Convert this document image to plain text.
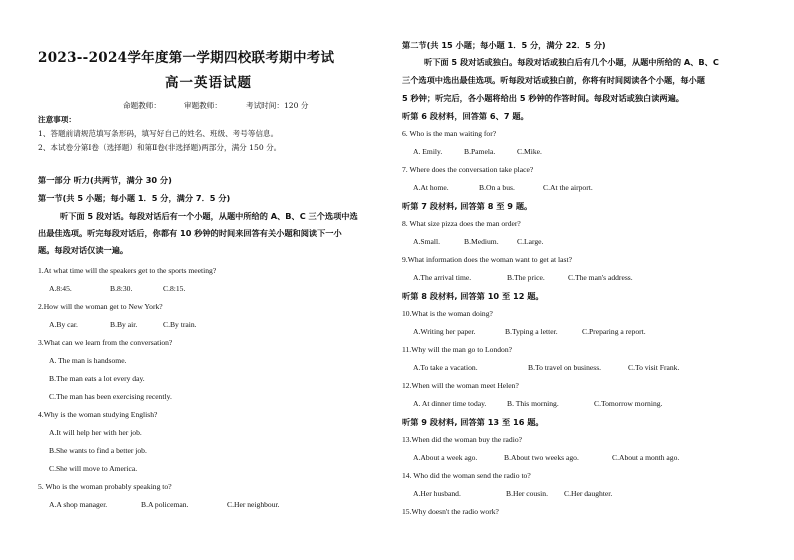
2023--2024学年度第一学期四校联考期中考试
高一英语试题
命题教师：	审题教师：	考试时间：120 分
注意事项：
1、答题前请规范填写条形码，填写好自己的姓名、班级、考号等信息。
2、本试卷分第Ⅰ卷（选择题）和第Ⅱ卷(非选择题)两部分，满分 150 分。
第一部分 听力(共两节，满分 30 分)
第一节(共 5 小题；每小题 1．5 分，满分 7．5 分)
听下面 5 段对话。每段对话后有一个小题，从题中所给的 A、B、C 三个选项中选
出最佳选项。听完每段对话后，你都有 10 秒钟的时间来回答有关小题和阅读下一小
题。每段对话仅读一遍。
1.At what time will the speakers get to the sports meeting?
A.8:45.	B.8:30.	C.8:15.
2.How will the woman get to New York?
A.By car.	B.By air.	C.By train.
3.What can we learn from the conversation?
A. The man is handsome.
B.The man eats a lot every day.
C.The man has been exercising recently.
4.Why is the woman studying English?
A.It will help her with her job.
B.She wants to find a better job.
C.She will move to America.
5. Who is the woman probably speaking to?
A.A shop manager.	B.A policeman.	C.Her neighbour.
第二节(共 15 小题；每小题 1．5 分，满分 22．5 分)
听下面 5 段对话或独白。每段对话或独白后有几个小题，从题中所给的 A、B、C
三个选项中选出最佳选项。听每段对话或独白前，你将有时间阅读各个小题，每小题
5 秒钟；听完后，各小题将给出 5 秒钟的作答时间。每段对话或独白读两遍。
听第 6 段材料，回答第 6、7 题。
6. Who is the man waiting for?
A. Emily.	B.Pamela.	C.Mike.
7. Where does the conversation take place?
A.At home.	B.On a bus.	C.At the airport.
听第 7 段材料, 回答第 8 至 9 题。
8. What size pizza does the man order?
A.Small.	B.Medium. C.Large.
9.What information does the woman want to get at last?
A.The arrival time.	B.The price.	C.The man's address.
听第 8 段材料, 回答第 10 至 12 题。
10.What is the woman doing?
A.Writing her paper.	B.Typing a letter.	C.Preparing a report.
11.Why will the man go to London?
A.To take a vacation.	B.To travel on business.	C.To visit Frank.
12.When will the woman meet Helen?
A. At dinner time today.	B. This morning.	C.Tomorrow morning.
听第 9 段材料, 回答第 13 至 16 题。
13.When did the woman buy the radio?
A.About a week ago.	B.About two weeks ago.	C.About a month ago.
14. Who did the woman send the radio to?
A.Her husband.	B.Her cousin. C.Her daughter.
15.Why doesn't the radio work?
